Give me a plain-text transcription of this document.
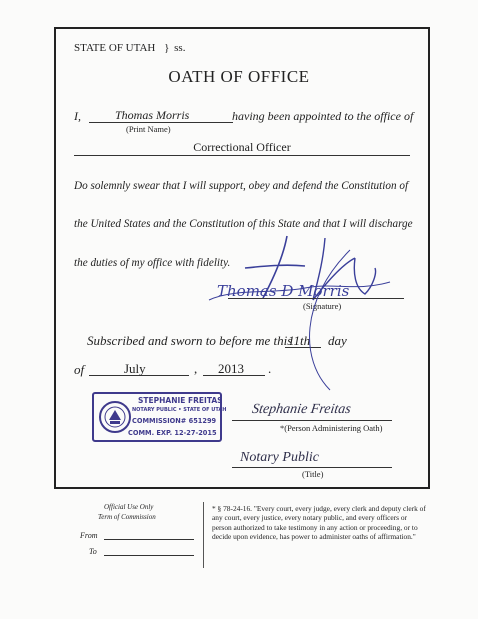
STATE OF UTAH } ss.
OATH OF OFFICE
I,	Thomas Morris
(Print Name)
having been appointed to the office of
Correctional Officer
Do solemnly swear that I will support, obey and defend the Constitution of
the United States and the Constitution of this State and that I will discharge
the duties of my office with fidelity.
Thomas D Morris
(Signature)
Subscribed and sworn to before me this
11th day
of	July	, 2013 .
STEPHANIE FREITAS
NOTARY PUBLIC • STATE OF UTAH
COMMISSION# 651299
COMM. EXP. 12-27-2015
Stephanie Freitas
*(Person Administering Oath)
Notary Public
(Title)
Official Use Only
Term of Commission
From
To
* § 78-24-16. "Every court, every judge, every clerk and deputy clerk of any court, every justice, every notary public, and every officers or person authorized to take testimony in any action or proceeding, or to decide upon evidence, has power to administer oaths of affirmation."
